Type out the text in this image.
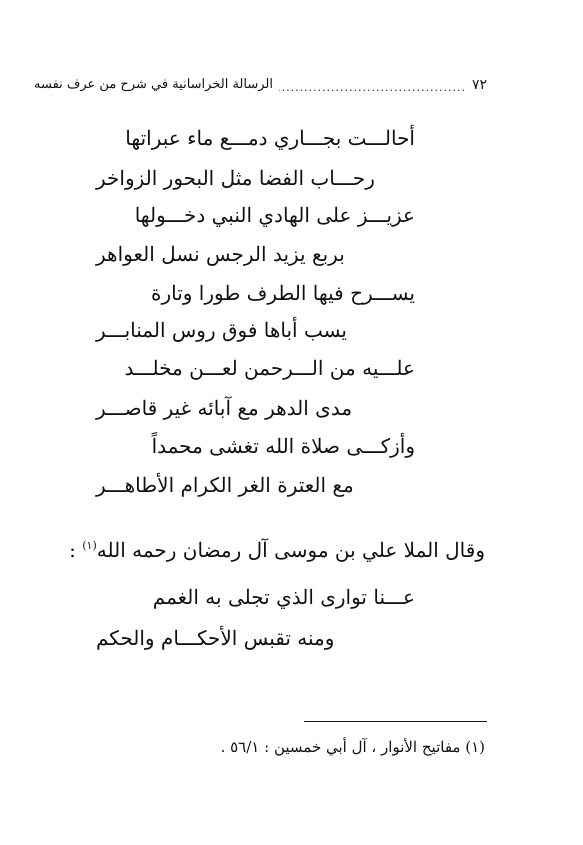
٧٢
.....
الرسالة الخراسانية في شرح من عرف نفسه

أحالـــت بجـــاري دمـــع ماء عبراتها

رحـــاب الفضا مثل البحور الزواخر

عزيـــز على الهادي النبي دخـــولها

بربع يزيد الرجس نسل العواهر

يســـرح فيها الطرف طورا وتارة

يسب أباها فوق روس المنابـــر

علـــيه من الـــرحمن لعـــن مخلـــد

مدى الدهر مع آبائه غير قاصـــر

وأزكـــى صلاة الله تغشى محمداً

مع العترة الغر الكرام الأطاهـــر

وقال الملا علي بن موسى آل رمضان رحمه الله$^{(١)}$ :

عـــنا توارى الذي تجلى به الغمم

ومنه تقبس الأحكـــام والحكم

(١) مفاتيح الأنوار ، آل أبي خمسين : ٥٦/١ .
